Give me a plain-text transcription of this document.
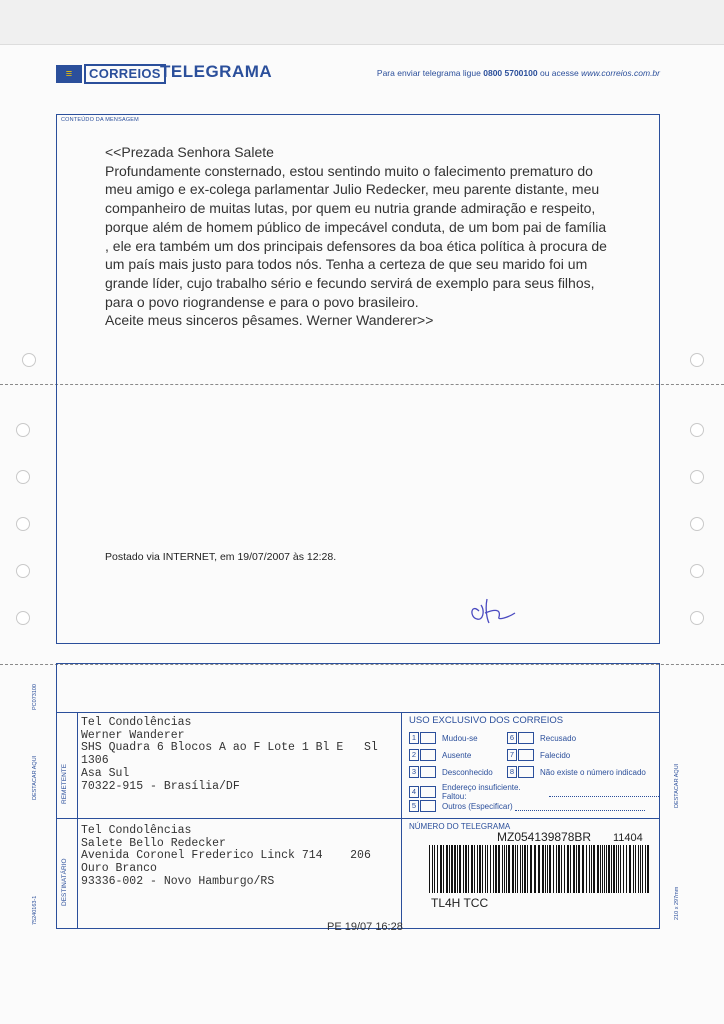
≡	CORREIOS TELEGRAMA	Para enviar telegrama ligue 0800 5700100 ou acesse www.correios.com.br
CONTEÚDO DA MENSAGEM
<<Prezada Senhora Salete
Profundamente consternado, estou sentindo muito o falecimento prematuro do
meu amigo e ex-colega parlamentar Julio Redecker, meu parente distante, meu
companheiro de muitas lutas, por quem eu nutria grande admiração e respeito,
porque além de homem público de impecável conduta, de um bom pai de família
, ele era também um dos principais defensores da boa ética política à procura de
um país mais justo para todos nós. Tenha a certeza de que seu marido foi um
grande líder, cujo trabalho sério e fecundo servirá de exemplo para seus filhos,
para o povo riograndense e para o povo brasileiro.
Aceite meus sinceros pêsames. Werner Wanderer>>
Postado via INTERNET, em 19/07/2007 às 12:28.
REMETENTE
DESTINATÁRIO
Tel Condolências
Werner Wanderer
SHS Quadra 6 Blocos A ao F Lote 1 Bl E   Sl
1306
Asa Sul
70322-915 - Brasília/DF
Tel Condolências
Salete Bello Redecker
Avenida Coronel Frederico Linck 714    206
Ouro Branco
93336-002 - Novo Hamburgo/RS
USO EXCLUSIVO DOS CORREIOS
1	Mudou-se	6	Recusado
2	Ausente	7	Falecido
3	Desconhecido	8	Não existe o número indicado
4	Endereço insuficiente. Faltou:
5	Outros (Especificar)
NÚMERO DO TELEGRAMA
MZ054139878BR 11404
TL4H TCC
PE 19/07 16:28
PC073100
DESTACAR AQUI
75240163-1
DESTACAR AQUI
210 x 297mm
